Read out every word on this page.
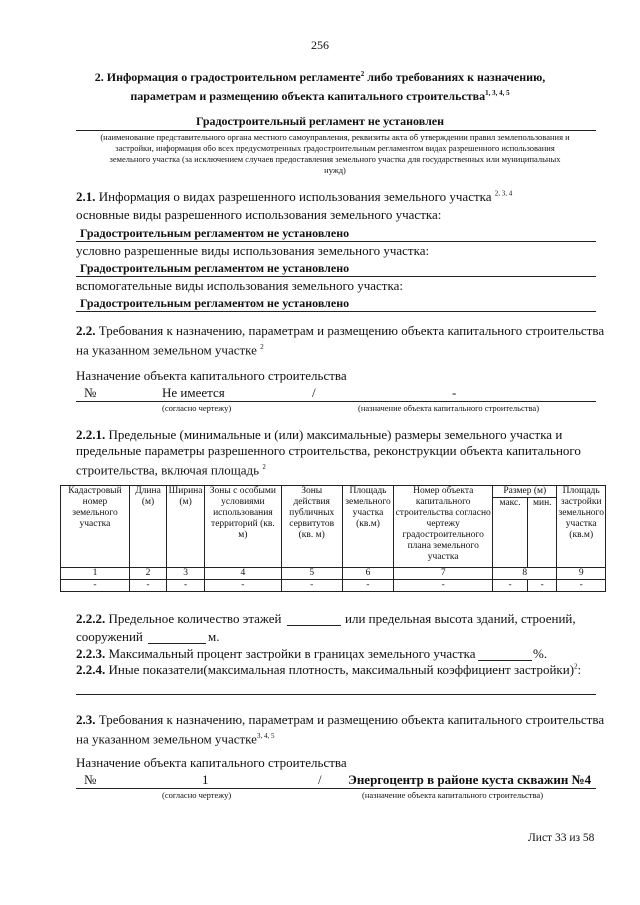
256
2. Информация о градостроительном регламенте$^2$ либо требованиях к назначению,
параметрам и размещению объекта капитального строительства$^{1, 3, 4, 5}$
Градостроительный регламент не установлен
(наименование представительного органа местного самоуправления, реквизиты акта об утверждении правил землепользования и застройки, информация обо всех предусмотренных градостроительным регламентом видах разрешенного использования земельного участка (за исключением случаев предоставления земельного участка для государственных или муниципальных нужд)
2.1. Информация о видах разрешенного использования земельного участка $^{2, 3, 4}$
основные виды разрешенного использования земельного участка:
Градостроительным регламентом не установлено
условно разрешенные виды использования земельного участка:
Градостроительным регламентом не установлено
вспомогательные виды использования земельного участка:
Градостроительным регламентом не установлено
2.2. Требования к назначению, параметрам и размещению объекта капитального строительства
на указанном земельном участке $^2$
Назначение объекта капитального строительства
№	Не имеется	/	-
(согласно чертежу)	(назначение объекта капитального строительства)
2.2.1. Предельные (минимальные и (или) максимальные) размеры земельного участка и
предельные параметры разрешенного строительства, реконструкции объекта капитального
строительства, включая площадь $^2$
Кадастровый номер земельного участка	Длина (м)	Ширина (м)	Зоны с особыми условиями использования территорий (кв. м)	Зоны действия публичных сервитутов (кв. м)	Площадь земельного участка (кв.м)	Номер объекта капитального строительства согласно чертежу градостроительного плана земельного участка	Размер (м)		Площадь застройки земельного участка (кв.м)
							макс.	мин.	
1	2	3	4	5	6	7	8		9
-	-	-	-	-	-	-	-	-	-
2.2.2. Предельное количество этажей	или предельная высота зданий, строений,
сооружений	м.
2.2.3. Максимальный процент застройки в границах земельного участка	%.
2.2.4. Иные показатели(максимальная плотность, максимальный коэффициент застройки)$^2$:
2.3. Требования к назначению, параметрам и размещению объекта капитального строительства
на указанном земельном участке$^{3, 4, 5}$
Назначение объекта капитального строительства
№	1	/ Энергоцентр в районе куста скважин №4
(согласно чертежу)	(назначение объекта капитального строительства)
Лист 33 из 58
